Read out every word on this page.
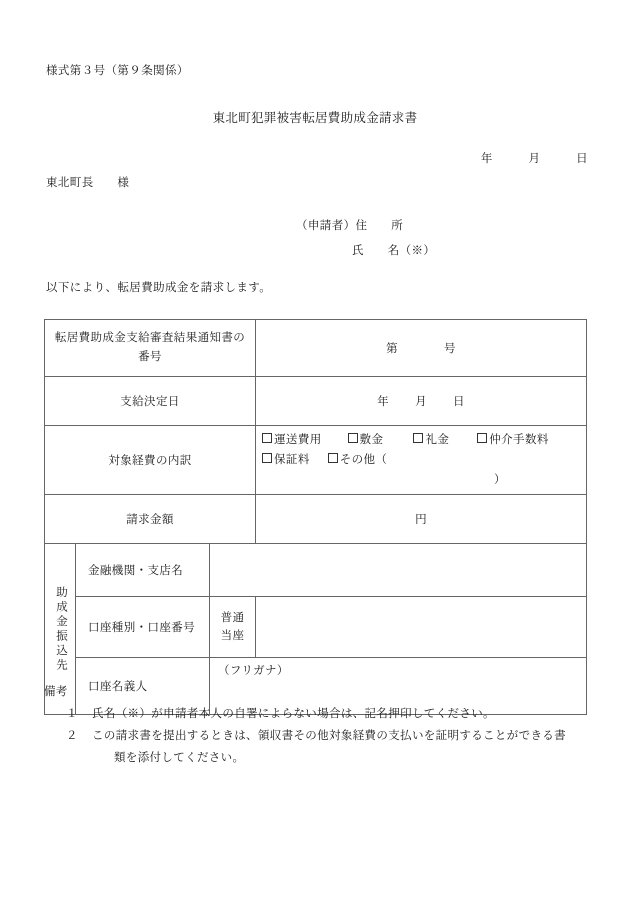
様式第３号（第９条関係）
東北町犯罪被害転居費助成金請求書
年　　　月　　　日
東北町長　　様
（申請者）住　　所
氏　　名（※）
以下により、転居費助成金を請求します。
転居費助成金支給審査結果通知書の
番号			第 号
支給決定日			年 月 日
対象経費の内訳			運送費用 敷金 礼金 仲介手数料
保証料 その他（）

請求金額			円

助成金振込先	金融機関・支店名		
	口座種別・口座番号	普通
当座	

	口座名義人	（フリガナ）	
備考
１ 氏名（※）が申請者本人の自署によらない場合は、記名押印してください。
２ この請求書を提出するときは、領収書その他対象経費の支払いを証明することができる書
類を添付してください。
